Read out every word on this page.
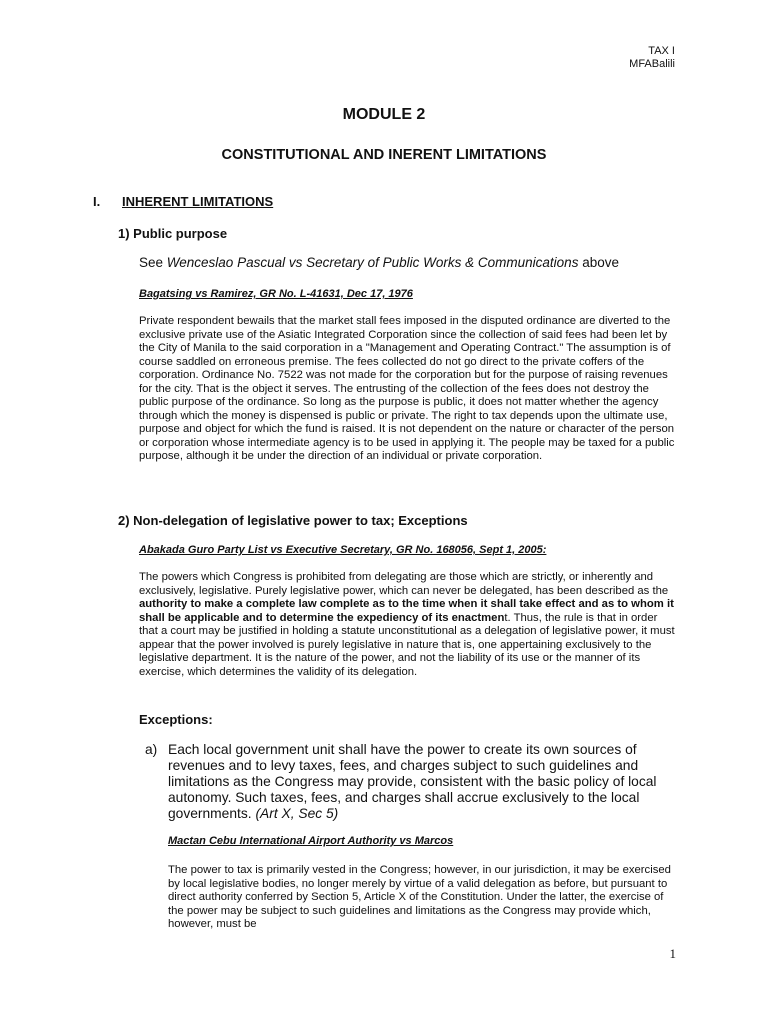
TAX I
MFABalili
MODULE 2
CONSTITUTIONAL AND INERENT LIMITATIONS
I. INHERENT LIMITATIONS
1) Public purpose
See Wenceslao Pascual vs Secretary of Public Works & Communications above
Bagatsing vs Ramirez, GR No. L-41631, Dec 17, 1976

Private respondent bewails that the market stall fees imposed in the disputed ordinance are diverted to the exclusive private use of the Asiatic Integrated Corporation since the collection of said fees had been let by the City of Manila to the said corporation in a "Management and Operating Contract." The assumption is of course saddled on erroneous premise. The fees collected do not go direct to the private coffers of the corporation. Ordinance No. 7522 was not made for the corporation but for the purpose of raising revenues for the city. That is the object it serves. The entrusting of the collection of the fees does not destroy the public purpose of the ordinance. So long as the purpose is public, it does not matter whether the agency through which the money is dispensed is public or private. The right to tax depends upon the ultimate use, purpose and object for which the fund is raised. It is not dependent on the nature or character of the person or corporation whose intermediate agency is to be used in applying it. The people may be taxed for a public purpose, although it be under the direction of an individual or private corporation.

2) Non-delegation of legislative power to tax; Exceptions
Abakada Guro Party List vs Executive Secretary, GR No. 168056, Sept 1, 2005:

The powers which Congress is prohibited from delegating are those which are strictly, or inherently and exclusively, legislative. Purely legislative power, which can never be delegated, has been described as the authority to make a complete law complete as to the time when it shall take effect and as to whom it shall be applicable and to determine the expediency of its enactment. Thus, the rule is that in order that a court may be justified in holding a statute unconstitutional as a delegation of legislative power, it must appear that the power involved is purely legislative in nature that is, one appertaining exclusively to the legislative department. It is the nature of the power, and not the liability of its use or the manner of its exercise, which determines the validity of its delegation.

Exceptions:
a) Each local government unit shall have the power to create its own sources of revenues and to levy taxes, fees, and charges subject to such guidelines and limitations as the Congress may provide, consistent with the basic policy of local autonomy. Such taxes, fees, and charges shall accrue exclusively to the local governments. (Art X, Sec 5)

Mactan Cebu International Airport Authority vs Marcos

The power to tax is primarily vested in the Congress; however, in our jurisdiction, it may be exercised by local legislative bodies, no longer merely by virtue of a valid delegation as before, but pursuant to direct authority conferred by Section 5, Article X of the Constitution. Under the latter, the exercise of the power may be subject to such guidelines and limitations as the Congress may provide which, however, must be

1
